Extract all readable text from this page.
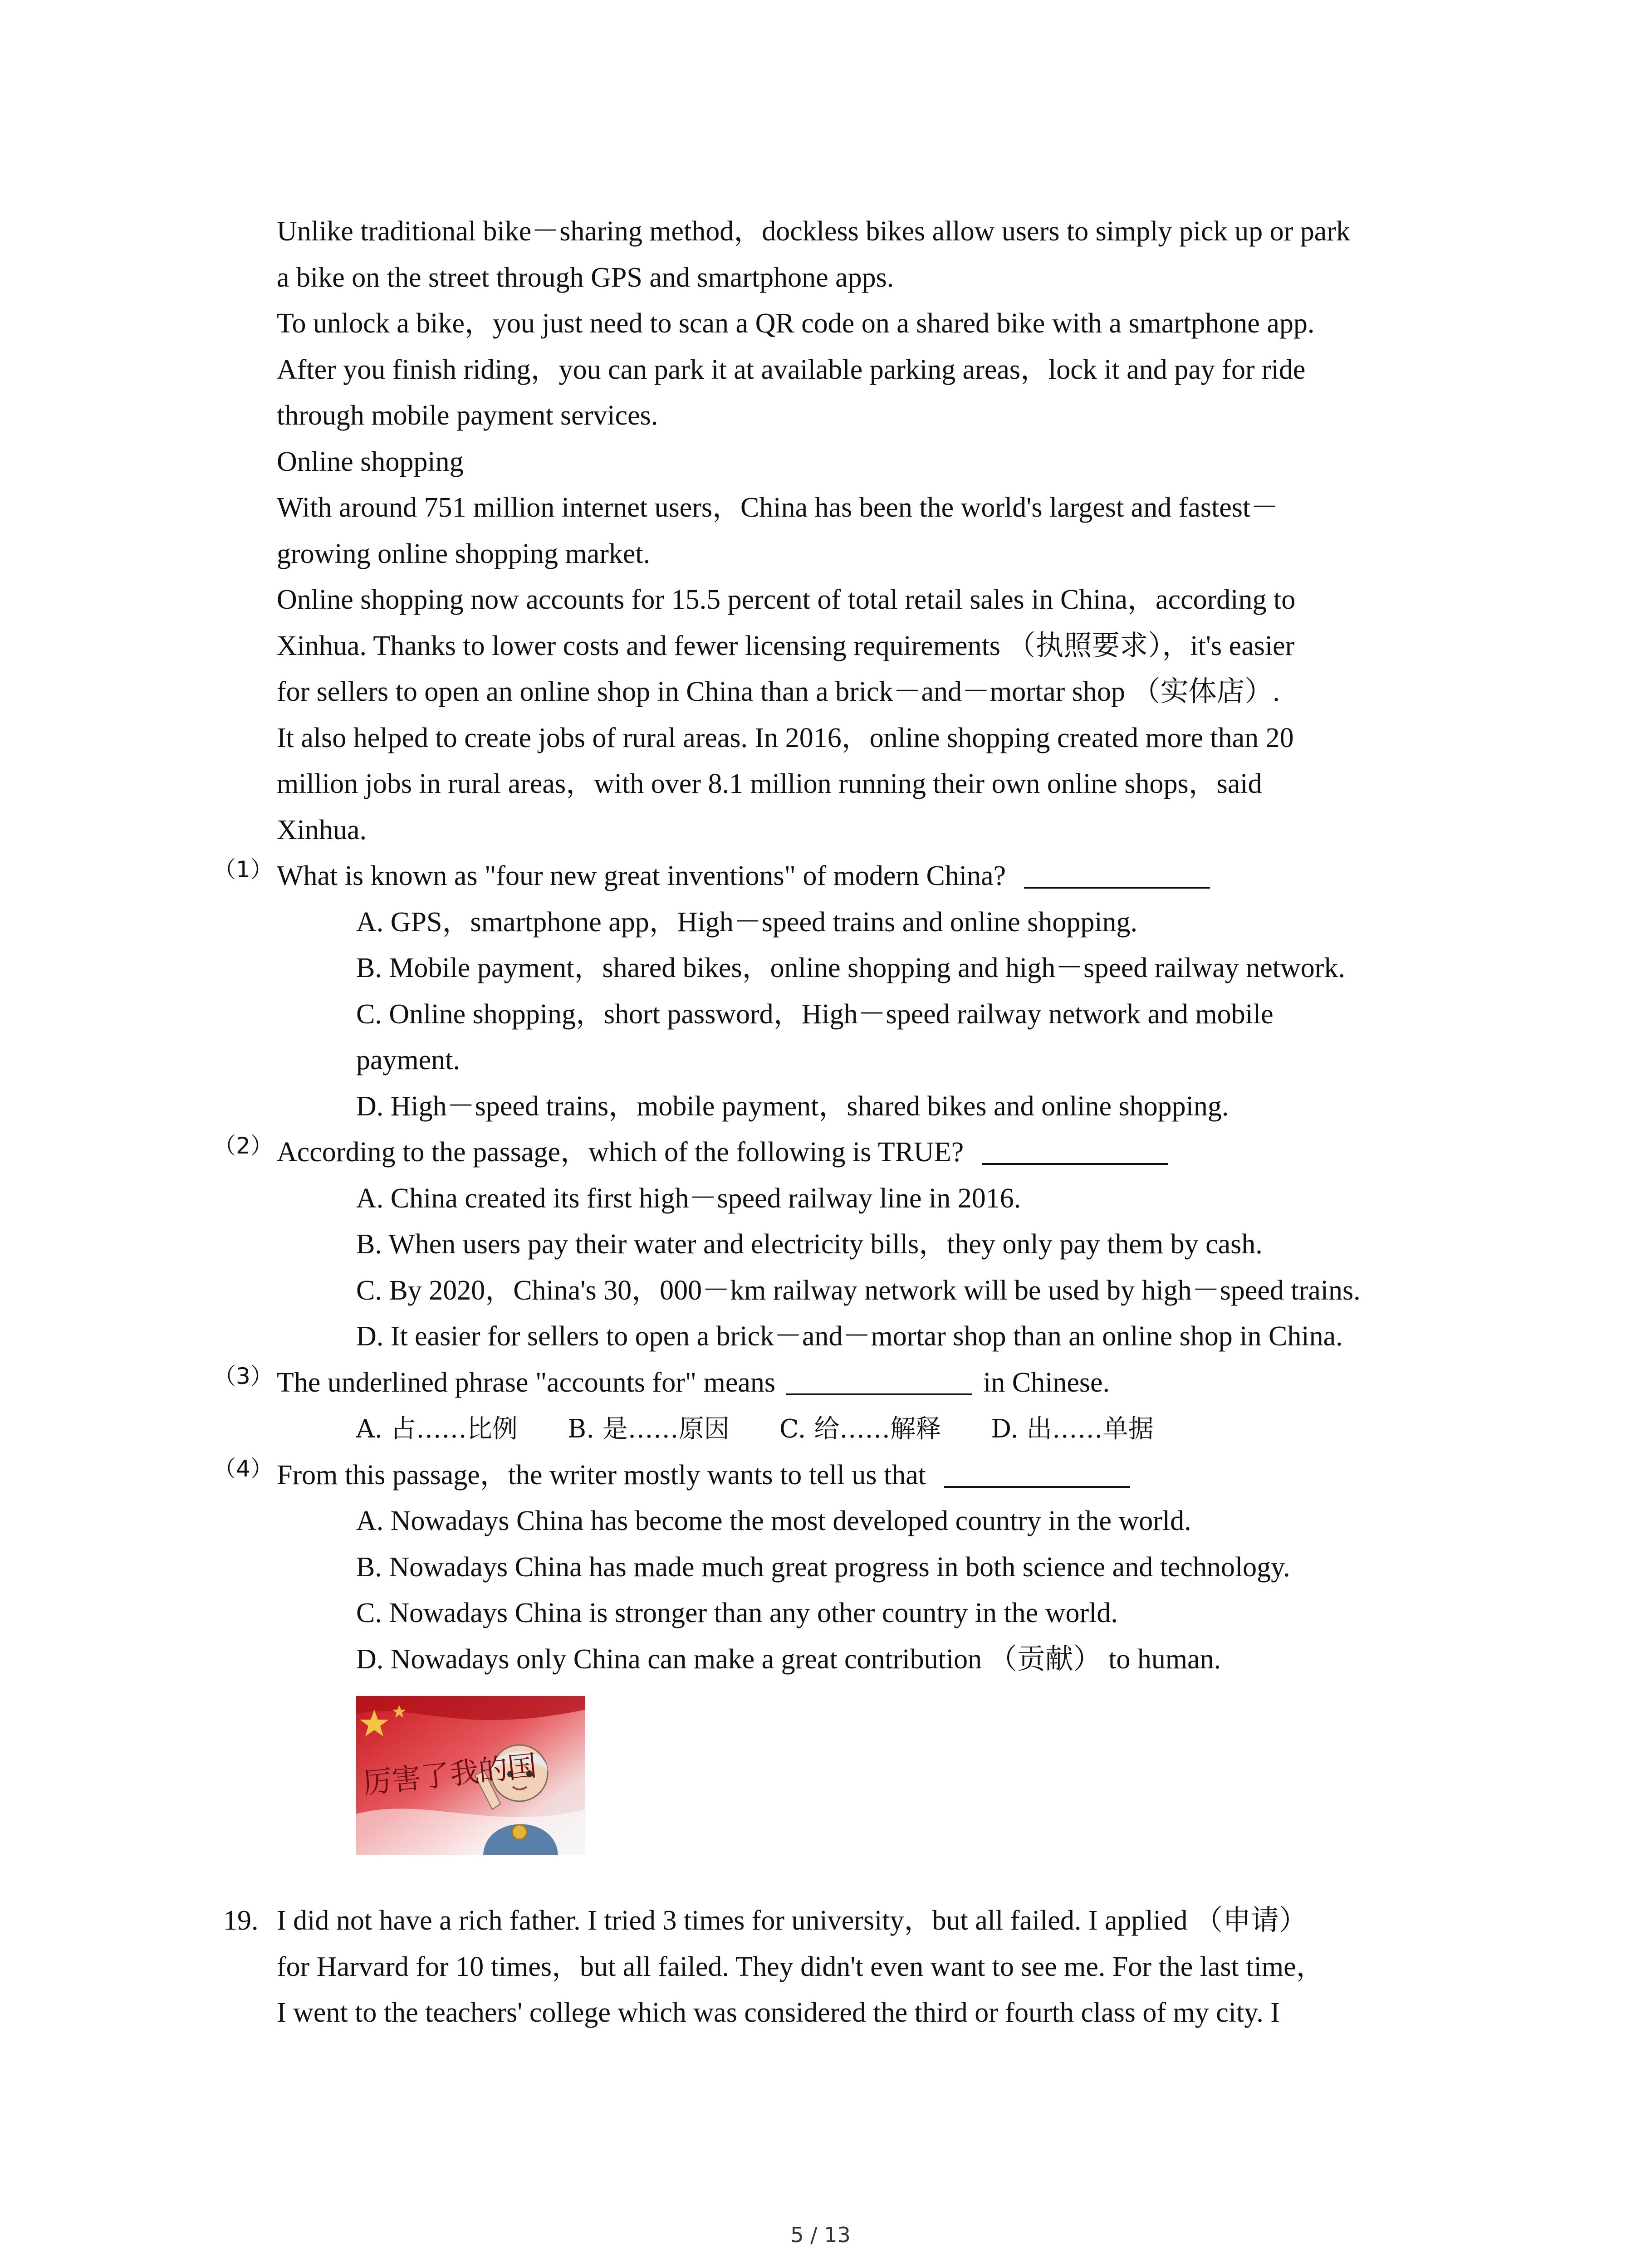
Unlike traditional bike－sharing method，dockless bikes allow users to simply pick up or park

a bike on the street through GPS and smartphone apps.

To unlock a bike，you just need to scan a QR code on a shared bike with a smartphone app.

After you finish riding，you can park it at available parking areas，lock it and pay for ride

through mobile payment services.

Online shopping

With around 751 million internet users，China has been the world's largest and fastest－

growing online shopping market.

Online shopping now accounts for 15.5 percent of total retail sales in China，according to

Xinhua. Thanks to lower costs and fewer licensing requirements （执照要求），it's easier

for sellers to open an online shop in China than a brick－and－mortar shop （实体店）.

It also helped to create jobs of rural areas. In 2016，online shopping created more than 20

million jobs in rural areas，with over 8.1 million running their own online shops，said

Xinhua.

（1） What is known as "four new great inventions" of modern China?

A. GPS，smartphone app，High－speed trains and online shopping.

B. Mobile payment，shared bikes，online shopping and high－speed railway network.

C. Online shopping，short password，High－speed railway network and mobile payment.

D. High－speed trains，mobile payment，shared bikes and online shopping.

（2） According to the passage，which of the following is TRUE?

A. China created its first high－speed railway line in 2016.

B. When users pay their water and electricity bills，they only pay them by cash.

C. By 2020，China's 30，000－km railway network will be used by high－speed trains.

D. It easier for sellers to open a brick－and－mortar shop than an online shop in China.

（3） The underlined phrase "accounts for" means	in Chinese.

A. 占……比例 B. 是……原因 C. 给……解释 D. 出……单据

（4） From this passage，the writer mostly wants to tell us that

A. Nowadays China has become the most developed country in the world.

B. Nowadays China has made much great progress in both science and technology.

C. Nowadays China is stronger than any other country in the world.

D. Nowadays only China can make a great contribution （贡献） to human.

厉害了我的国
19. I did not have a rich father. I tried 3 times for university，but all failed. I applied （申请）

for Harvard for 10 times，but all failed. They didn't even want to see me. For the last time，

I went to the teachers' college which was considered the third or fourth class of my city. I

5 / 13
